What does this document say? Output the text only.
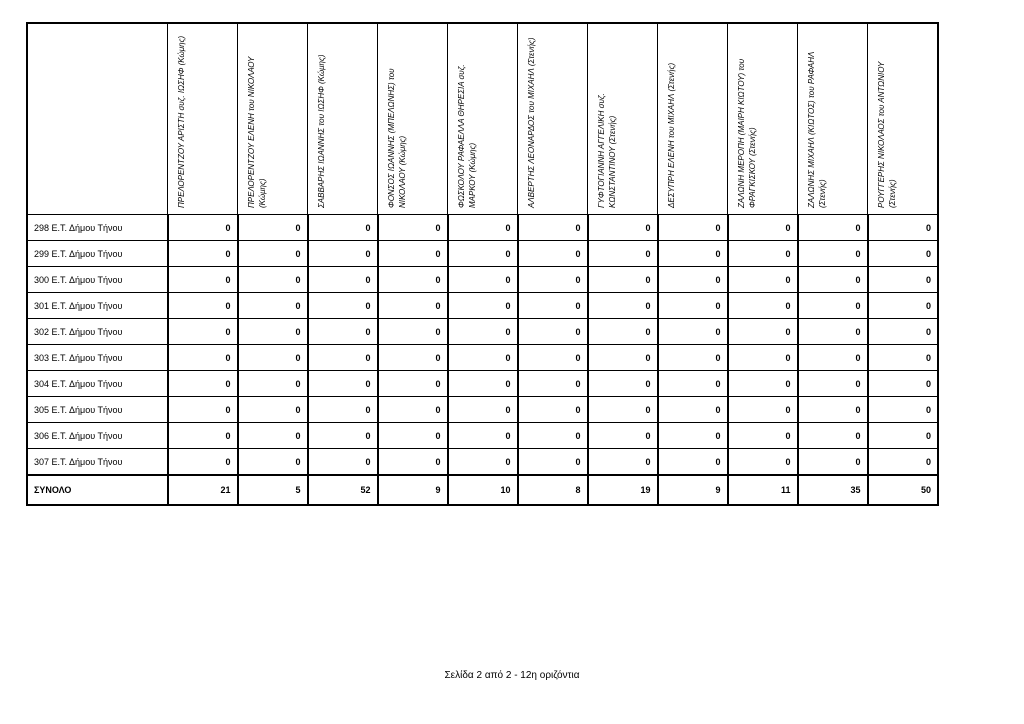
	ΠΡΕΛΟΡΕΝΤΖΟΥ ΑΡΙΣΤΗ συζ. ΙΩΣΗΦ (Κώμης)	ΠΡΕΛΟΡΕΝΤΖΟΥ ΕΛΕΝΗ του ΝΙΚΟΛΑΟΥ (Κώμης)	ΣΑΒΒΑΡΗΣ ΙΩΑΝΝΗΣ του ΙΩΣΗΦ (Κώμης)	ΦΟΝΣΟΣ ΙΩΑΝΝΗΣ (ΜΠΕΛΩΝΗΣ) του ΝΙΚΟΛΑΟΥ (Κώμης)	ΦΩΣΚΟΛΟΥ ΡΑΦΑΕΛΛΑ ΘΗΡΕΣΙΑ συζ. ΜΑΡΚΟΥ (Κώμης)	ΑΛΒΕΡΤΗΣ ΛΕΟΝΑΡΔΟΣ του ΜΙΧΑΗΛ (Στενής)	ΓΥΦΤΟΓΙΑΝΝΗ ΑΓΓΕΛΙΚΗ συζ. ΚΩΝΣΤΑΝΤΙΝΟΥ (Στενής)	ΔΕΣΥΠΡΗ ΕΛΕΝΗ του ΜΙΧΑΗΛ (Στενής)	ΖΑΛΩΝΗ ΜΕΡΟΠΗ (ΜΑΙΡΗ ΚΙΩΤΟΥ) του ΦΡΑΓΚΙΣΚΟΥ (Στενής)	ΖΑΛΩΝΗΣ ΜΙΧΑΗΛ (ΚΙΩΤΟΣ) του ΡΑΦΑΗΛ (Στενής)	ΡΟΥΓΓΕΡΗΣ ΝΙΚΟΛΑΟΣ του ΑΝΤΩΝΙΟΥ (Στενής)

298 Ε.Τ. Δήμου Τήνου	0	0	0	0	0	0	0	0	0	0	0
299 Ε.Τ. Δήμου Τήνου	0	0	0	0	0	0	0	0	0	0	0
300 Ε.Τ. Δήμου Τήνου	0	0	0	0	0	0	0	0	0	0	0
301 Ε.Τ. Δήμου Τήνου	0	0	0	0	0	0	0	0	0	0	0
302 Ε.Τ. Δήμου Τήνου	0	0	0	0	0	0	0	0	0	0	0
303 Ε.Τ. Δήμου Τήνου	0	0	0	0	0	0	0	0	0	0	0
304 Ε.Τ. Δήμου Τήνου	0	0	0	0	0	0	0	0	0	0	0
305 Ε.Τ. Δήμου Τήνου	0	0	0	0	0	0	0	0	0	0	0
306 Ε.Τ. Δήμου Τήνου	0	0	0	0	0	0	0	0	0	0	0
307 Ε.Τ. Δήμου Τήνου	0	0	0	0	0	0	0	0	0	0	0
ΣΥΝΟΛΟ	21	5	52	9	10	8	19	9	11	35	50
Σελίδα 2 από 2 - 12η οριζόντια
